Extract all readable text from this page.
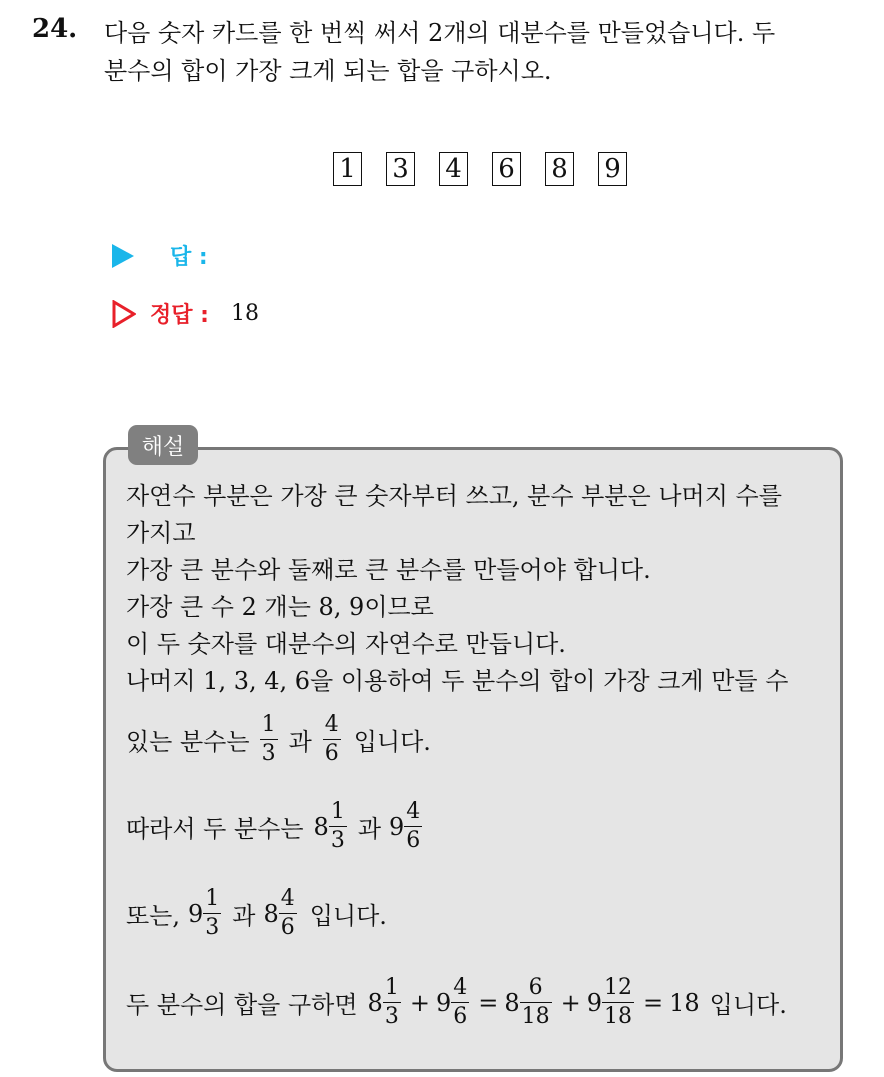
24. 다음 숫자 카드를 한 번씩 써서 2개의 대분수를 만들었습니다. 두
분수의 합이 가장 크게 되는 합을 구하시오.
1 3 4 6 8 9
답 :
정답 : 18
해설
자연수 부분은 가장 큰 숫자부터 쓰고, 분수 부분은 나머지 수를
가지고
가장 큰 분수와 둘째로 큰 분수를 만들어야 합니다.
가장 큰 수 2 개는 8, 9이므로
이 두 숫자를 대분수의 자연수로 만듭니다.
나머지 1, 3, 4, 6을 이용하여 두 분수의 합이 가장 크게 만들 수
있는 분수는 $\frac{1}{3}$ 과 $\frac{4}{6}$ 입니다.
따라서 두 분수는 $8 \frac{1}{3}$ 과 $9 \frac{4}{6}$
또는, $9 \frac{1}{3}$ 과 $8 \frac{4}{6}$ 입니다.
두 분수의 합을 구하면 $8 \frac{1}{3} + 9 \frac{4}{6} = 8 \frac{6}{18} + 9 \frac{12}{18} = 18$ 입니다.
